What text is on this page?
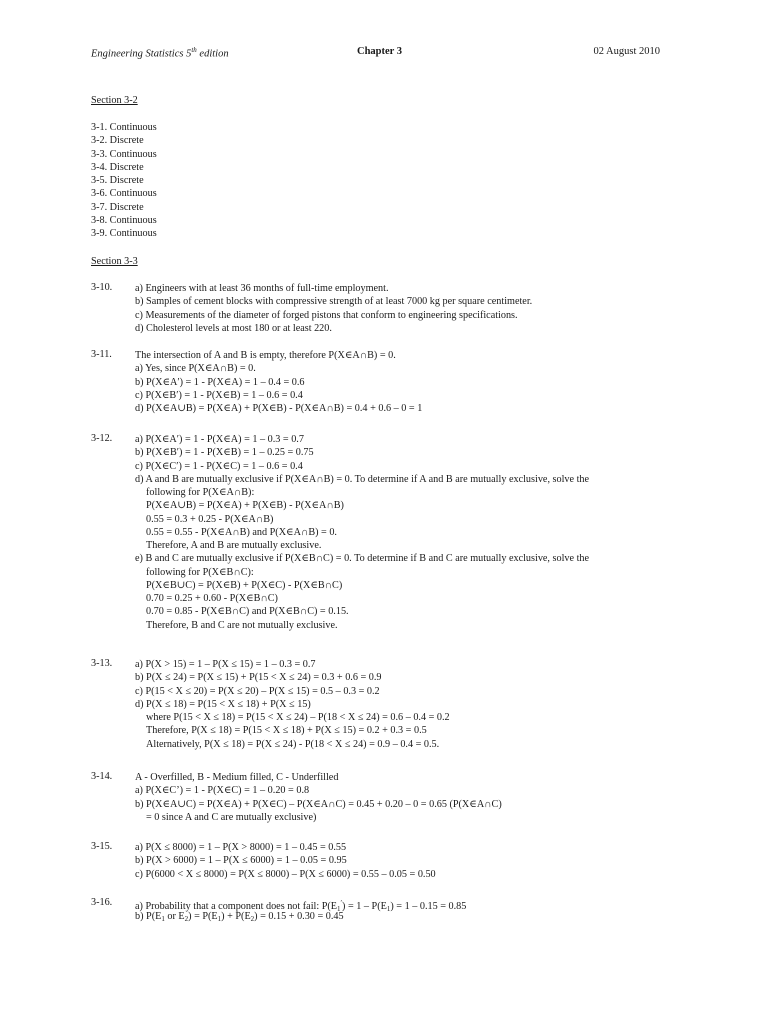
Engineering Statistics 5th edition	Chapter 3	02 August 2010
Section 3-2
3-1. Continuous
3-2. Discrete
3-3. Continuous
3-4. Discrete
3-5. Discrete
3-6. Continuous
3-7. Discrete
3-8. Continuous
3-9. Continuous
Section 3-3
3-10. a) Engineers with at least 36 months of full-time employment.
b) Samples of cement blocks with compressive strength of at least 7000 kg per square centimeter.
c) Measurements of the diameter of forged pistons that conform to engineering specifications.
d) Cholesterol levels at most 180 or at least 220.
3-11. The intersection of A and B is empty, therefore P(X∈A∩B) = 0.
a) Yes, since P(X∈A∩B) = 0.
b) P(X∈A′) = 1 - P(X∈A) = 1 – 0.4 = 0.6
c) P(X∈B′) = 1 - P(X∈B) = 1 – 0.6 = 0.4
d) P(X∈A∪B) = P(X∈A) + P(X∈B) - P(X∈A∩B) = 0.4 + 0.6 – 0 = 1
3-12. a) P(X∈A′) = 1 - P(X∈A) = 1 – 0.3 = 0.7
b) P(X∈B′) = 1 - P(X∈B) = 1 – 0.25 = 0.75
c) P(X∈C′) = 1 - P(X∈C) = 1 – 0.6 = 0.4
d) A and B are mutually exclusive if P(X∈A∩B) = 0. To determine if A and B are mutually exclusive, solve the
following for P(X∈A∩B):
P(X∈A∪B) = P(X∈A) + P(X∈B) - P(X∈A∩B)
0.55 = 0.3 + 0.25 - P(X∈A∩B)
0.55 = 0.55 - P(X∈A∩B) and P(X∈A∩B) = 0.
Therefore, A and B are mutually exclusive.
e) B and C are mutually exclusive if P(X∈B∩C) = 0. To determine if B and C are mutually exclusive, solve the
following for P(X∈B∩C):
P(X∈B∪C) = P(X∈B) + P(X∈C) - P(X∈B∩C)
0.70 = 0.25 + 0.60 - P(X∈B∩C)
0.70 = 0.85 - P(X∈B∩C) and P(X∈B∩C) = 0.15.
Therefore, B and C are not mutually exclusive.
3-13. a) P(X > 15) = 1 – P(X ≤ 15) = 1 – 0.3 = 0.7
b) P(X ≤ 24) = P(X ≤ 15) + P(15 < X ≤ 24) = 0.3 + 0.6 = 0.9
c) P(15 < X ≤ 20) = P(X ≤ 20) – P(X ≤ 15) = 0.5 – 0.3 = 0.2
d) P(X ≤ 18) = P(15 < X ≤ 18) + P(X ≤ 15)
where P(15 < X ≤ 18) = P(15 < X ≤ 24) – P(18 < X ≤ 24) = 0.6 – 0.4 = 0.2
Therefore, P(X ≤ 18) = P(15 < X ≤ 18) + P(X ≤ 15) = 0.2 + 0.3 = 0.5
Alternatively, P(X ≤ 18) = P(X ≤ 24) - P(18 < X ≤ 24) = 0.9 – 0.4 = 0.5.
3-14. A - Overfilled, B - Medium filled, C - Underfilled
a) P(X∈C’) = 1 - P(X∈C) = 1 – 0.20 = 0.8
b) P(X∈A∪C) = P(X∈A) + P(X∈C) – P(X∈A∩C) = 0.45 + 0.20 – 0 = 0.65 (P(X∈A∩C)
= 0 since A and C are mutually exclusive)
3-15. a) P(X ≤ 8000) = 1 – P(X > 8000) = 1 – 0.45 = 0.55
b) P(X > 6000) = 1 – P(X ≤ 6000) = 1 – 0.05 = 0.95
c) P(6000 < X ≤ 8000) = P(X ≤ 8000) – P(X ≤ 6000) = 0.55 – 0.05 = 0.50
3-16. a) Probability that a component does not fail: $P(E_1') = 1 - P(E_1) = 1 - 0.15 = 0.85$
b) $P(E_1$ or $E_2) = P(E_1) + P(E_2) = 0.15 + 0.30 = 0.45$
